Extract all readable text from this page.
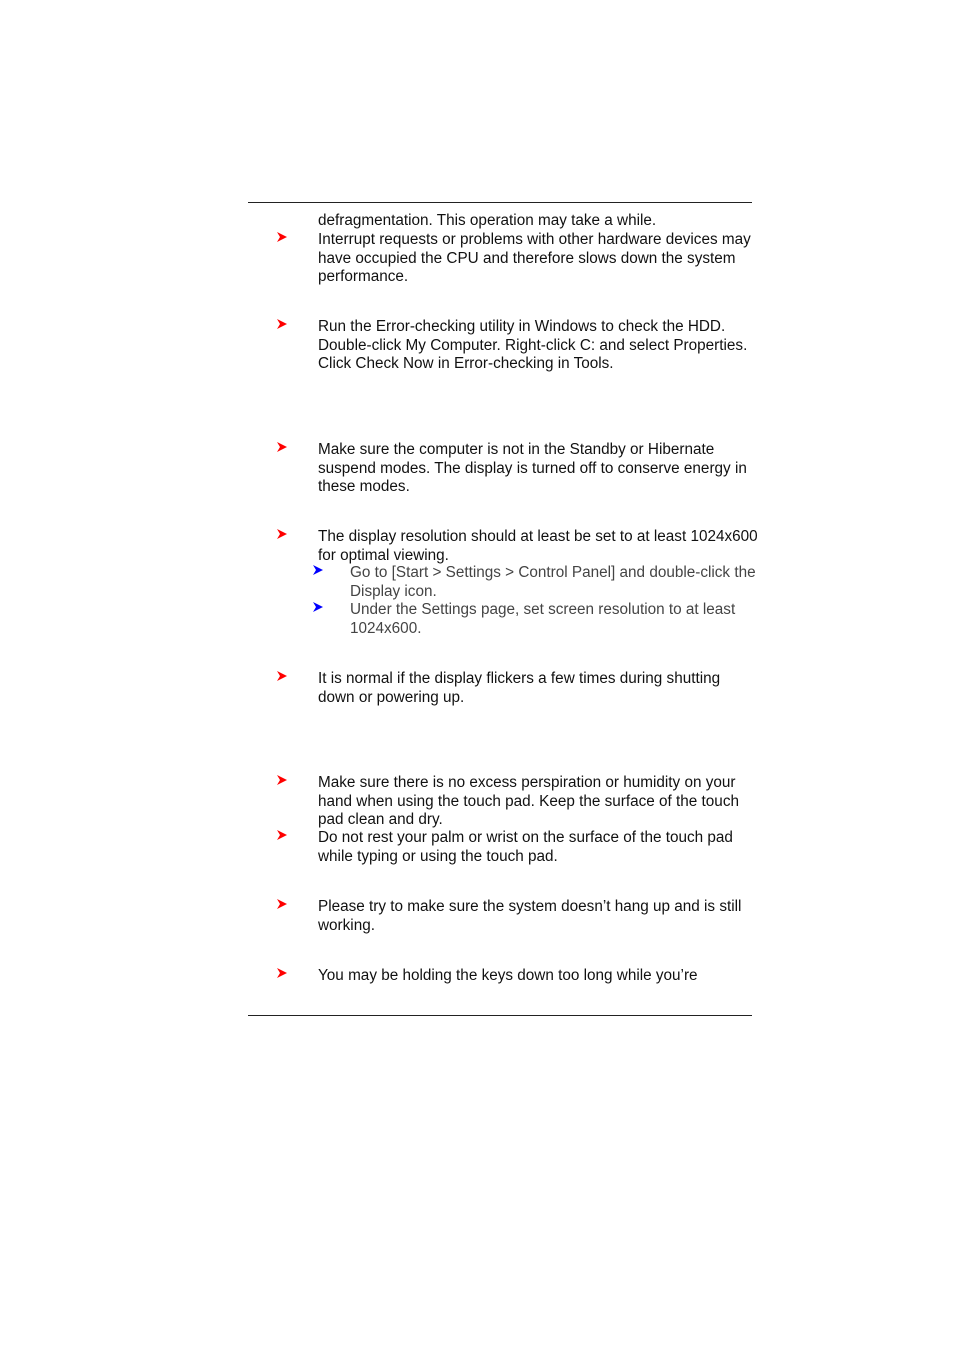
defragmentation. This operation may take a while.
Interrupt requests or problems with other hardware devices may have occupied the CPU and therefore slows down the system performance.
Run the Error-checking utility in Windows to check the HDD. Double-click My Computer. Right-click C: and select Properties. Click Check Now in Error-checking in Tools.
Make sure the computer is not in the Standby or Hibernate suspend modes. The display is turned off to conserve energy in these modes.
The display resolution should at least be set to at least 1024x600 for optimal viewing.
Go to [Start > Settings > Control Panel] and double-click the Display icon.
Under the Settings page, set screen resolution to at least 1024x600.
It is normal if the display flickers a few times during shutting down or powering up.
Make sure there is no excess perspiration or humidity on your hand when using the touch pad. Keep the surface of the touch pad clean and dry.
Do not rest your palm or wrist on the surface of the touch pad while typing or using the touch pad.
Please try to make sure the system doesn’t hang up and is still working.
You may be holding the keys down too long while you’re
